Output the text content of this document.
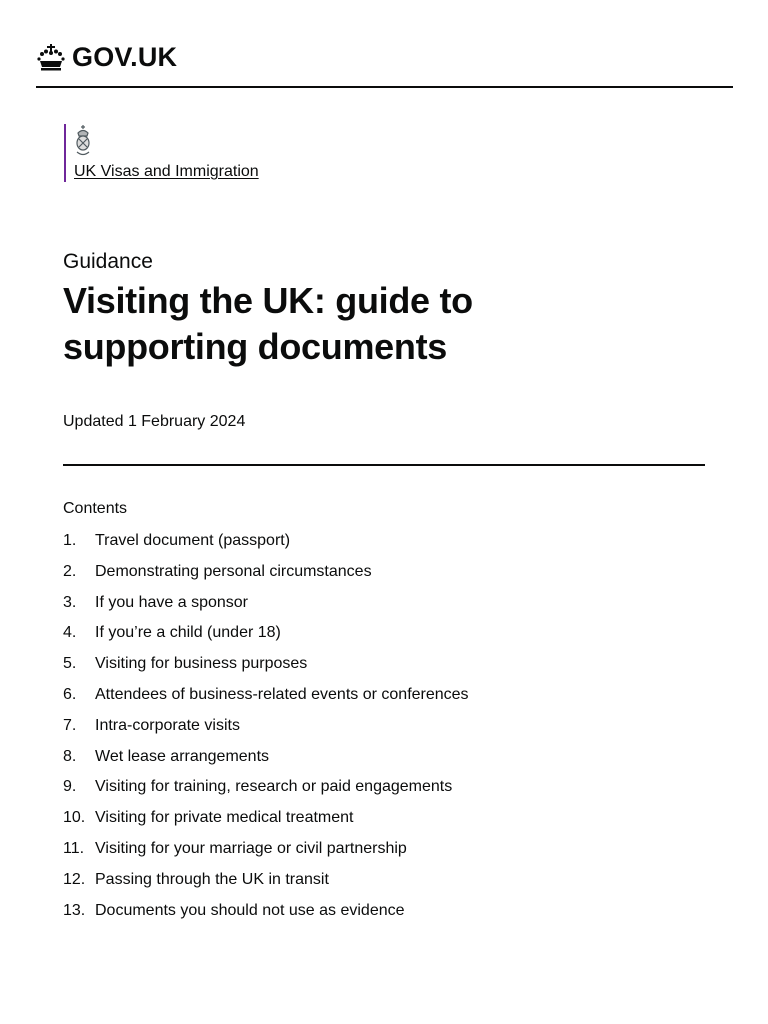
GOV.UK
UK Visas and Immigration
Guidance
Visiting the UK: guide to supporting documents
Updated 1 February 2024
Contents
1.	Travel document (passport)
2.	Demonstrating personal circumstances
3.	If you have a sponsor
4.	If you’re a child (under 18)
5.	Visiting for business purposes
6.	Attendees of business-related events or conferences
7.	Intra-corporate visits
8.	Wet lease arrangements
9.	Visiting for training, research or paid engagements
10. Visiting for private medical treatment
11. Visiting for your marriage or civil partnership
12. Passing through the UK in transit
13. Documents you should not use as evidence
